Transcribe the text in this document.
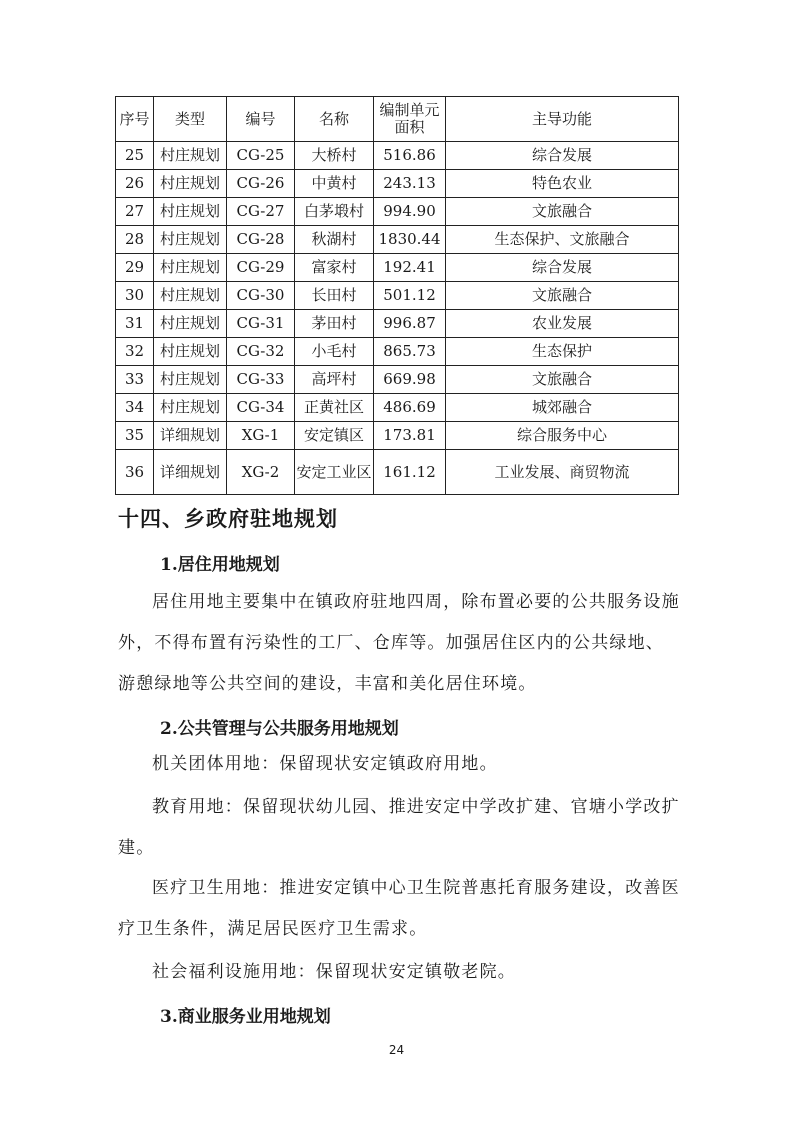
序号	类型	编号	名称	编制单元面积	主导功能
25	村庄规划	CG-25	大桥村	516.86	综合发展
26	村庄规划	CG-26	中黄村	243.13	特色农业
27	村庄规划	CG-27	白茅塅村	994.90	文旅融合
28	村庄规划	CG-28	秋湖村	1830.44	生态保护、文旅融合
29	村庄规划	CG-29	富家村	192.41	综合发展
30	村庄规划	CG-30	长田村	501.12	文旅融合
31	村庄规划	CG-31	茅田村	996.87	农业发展
32	村庄规划	CG-32	小毛村	865.73	生态保护
33	村庄规划	CG-33	高坪村	669.98	文旅融合
34	村庄规划	CG-34	正黄社区	486.69	城郊融合
35	详细规划	XG-1	安定镇区	173.81	综合服务中心
36	详细规划	XG-2	安定工业区	161.12	工业发展、商贸物流
十四、乡政府驻地规划
1.居住用地规划

居住用地主要集中在镇政府驻地四周，除布置必要的公共服务设施外，不得布置有污染性的工厂、仓库等。加强居住区内的公共绿地、游憩绿地等公共空间的建设，丰富和美化居住环境。

2.公共管理与公共服务用地规划

机关团体用地：保留现状安定镇政府用地。

教育用地：保留现状幼儿园、推进安定中学改扩建、官塘小学改扩建。

医疗卫生用地：推进安定镇中心卫生院普惠托育服务建设，改善医疗卫生条件，满足居民医疗卫生需求。

社会福利设施用地：保留现状安定镇敬老院。

3.商业服务业用地规划
24
